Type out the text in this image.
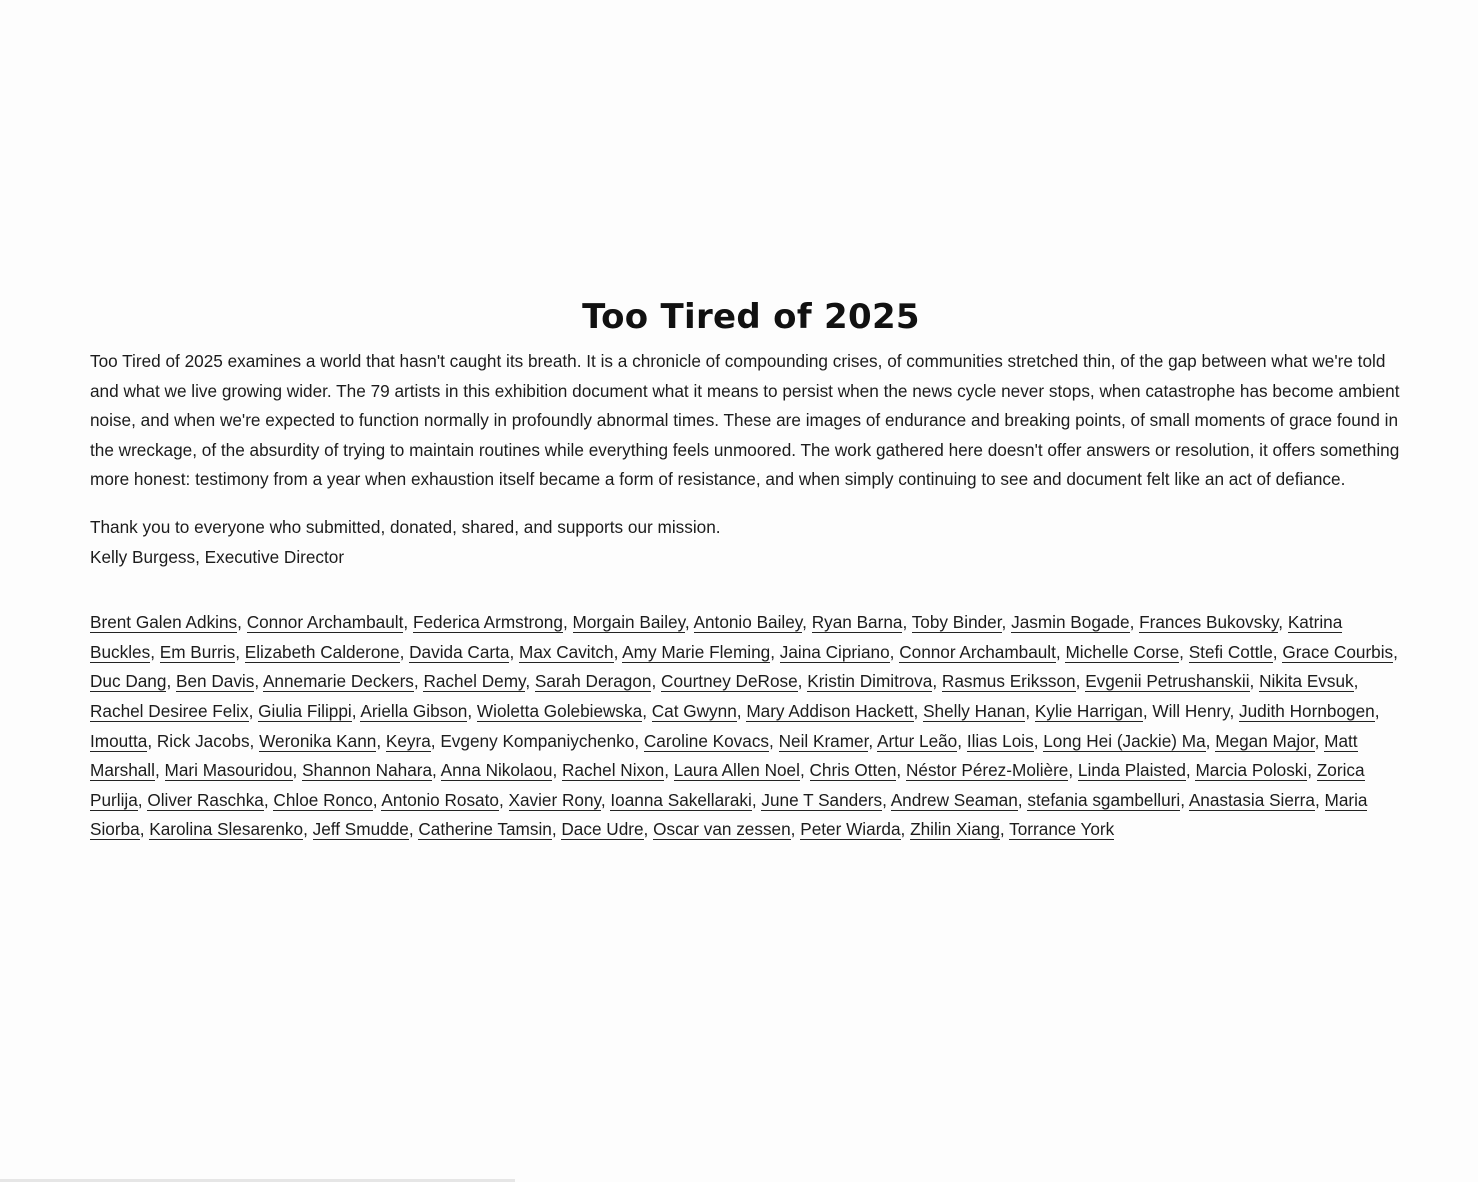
Too Tired of 2025

Too Tired of 2025 examines a world that hasn't caught its breath. It is a chronicle of compounding crises, of communities stretched thin, of the gap between what we're told and what we live growing wider. The 79 artists in this exhibition document what it means to persist when the news cycle never stops, when catastrophe has become ambient noise, and when we're expected to function normally in profoundly abnormal times. These are images of endurance and breaking points, of small moments of grace found in the wreckage, of the absurdity of trying to maintain routines while everything feels unmoored. The work gathered here doesn't offer answers or resolution, it offers something more honest: testimony from a year when exhaustion itself became a form of resistance, and when simply continuing to see and document felt like an act of defiance.

Thank you to everyone who submitted, donated, shared, and supports our mission.
Kelly Burgess, Executive Director

Brent Galen Adkins, Connor Archambault, Federica Armstrong, Morgain Bailey, Antonio Bailey, Ryan Barna, Toby Binder, Jasmin Bogade, Frances Bukovsky, Katrina Buckles, Em Burris, Elizabeth Calderone, Davida Carta, Max Cavitch, Amy Marie Fleming, Jaina Cipriano, Connor Archambault, Michelle Corse, Stefi Cottle, Grace Courbis, Duc Dang, Ben Davis, Annemarie Deckers, Rachel Demy, Sarah Deragon, Courtney DeRose, Kristin Dimitrova, Rasmus Eriksson, Evgenii Petrushanskii, Nikita Evsuk, Rachel Desiree Felix, Giulia Filippi, Ariella Gibson, Wioletta Golebiewska, Cat Gwynn, Mary Addison Hackett, Shelly Hanan, Kylie Harrigan, Will Henry, Judith Hornbogen, Imoutta, Rick Jacobs, Weronika Kann, Keyra, Evgeny Kompaniychenko, Caroline Kovacs, Neil Kramer, Artur Leão, Ilias Lois, Long Hei (Jackie) Ma, Megan Major, Matt Marshall, Mari Masouridou, Shannon Nahara, Anna Nikolaou, Rachel Nixon, Laura Allen Noel, Chris Otten, Néstor Pérez-Molière, Linda Plaisted, Marcia Poloski, Zorica Purlija, Oliver Raschka, Chloe Ronco, Antonio Rosato, Xavier Rony, Ioanna Sakellaraki, June T Sanders, Andrew Seaman, stefania sgambelluri, Anastasia Sierra, Maria Siorba, Karolina Slesarenko, Jeff Smudde, Catherine Tamsin, Dace Udre, Oscar van zessen, Peter Wiarda, Zhilin Xiang, Torrance York
